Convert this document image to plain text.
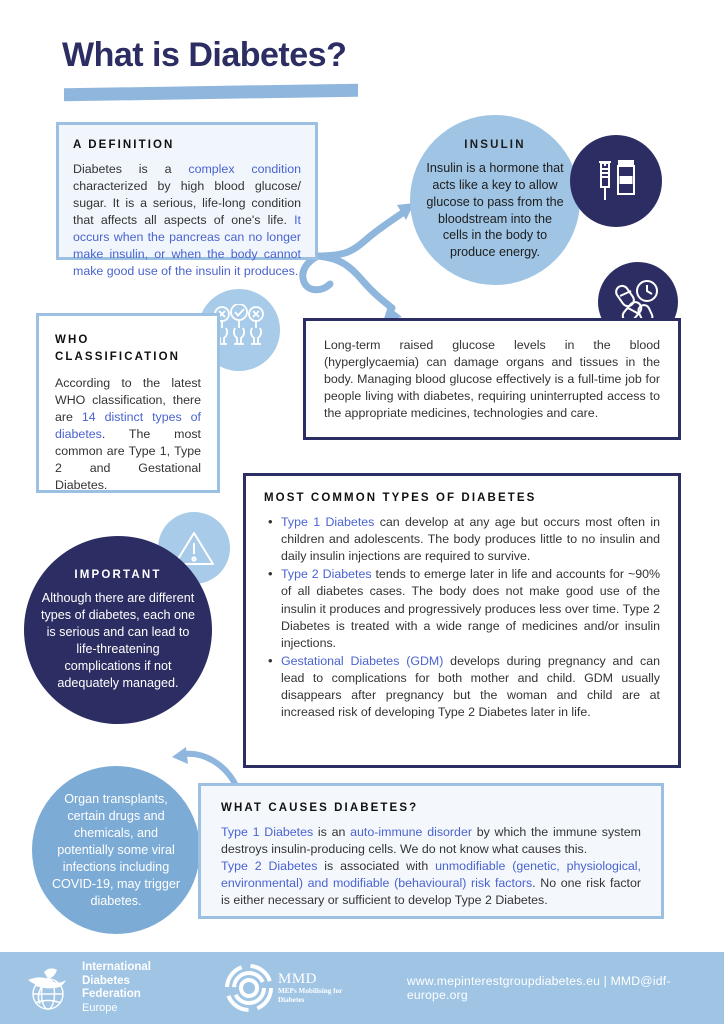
What is Diabetes?

A DEFINITION

Diabetes is a complex condition characterized by high blood glucose/ sugar. It is a serious, life-long condition that affects all aspects of one's life. It occurs when the pancreas can no longer make insulin, or when the body cannot make good use of the insulin it produces.

INSULIN

Insulin is a hormone that acts like a key to allow glucose to pass from the bloodstream into the cells in the body to produce energy.

WHO
CLASSIFICATION

According to the latest WHO classification, there are 14 distinct types of diabetes. The most common are Type 1, Type 2 and Gestational Diabetes.

Long-term raised glucose levels in the blood (hyperglycaemia) can damage organs and tissues in the body. Managing blood glucose effectively is a full-time job for people living with diabetes, requiring uninterrupted access to the appropriate medicines, technologies and care.

MOST COMMON TYPES OF DIABETES

• Type 1 Diabetes can develop at any age but occurs most often in children and adolescents. The body produces little to no insulin and daily insulin injections are required to survive.
• Type 2 Diabetes tends to emerge later in life and accounts for ~90% of all diabetes cases. The body does not make good use of the insulin it produces and progressively produces less over time. Type 2 Diabetes is treated with a wide range of medicines and/or insulin injections.
• Gestational Diabetes (GDM) develops during pregnancy and can lead to complications for both mother and child. GDM usually disappears after pregnancy but the woman and child are at increased risk of developing Type 2 Diabetes later in life.

IMPORTANT

Although there are different types of diabetes, each one is serious and can lead to life-threatening complications if not adequately managed.

Organ transplants, certain drugs and chemicals, and potentially some viral infections including COVID-19, may trigger diabetes.

WHAT CAUSES DIABETES?

Type 1 Diabetes is an auto-immune disorder by which the immune system destroys insulin-producing cells. We do not know what causes this.

Type 2 Diabetes is associated with unmodifiable (genetic, physiological, environmental) and modifiable (behavioural) risk factors. No one risk factor is either necessary or sufficient to develop Type 2 Diabetes.

International
Diabetes Federation
Europe
MMD
MEPs Mobilising for Diabetes
www.mepinterestgroupdiabetes.eu | MMD@idf-europe.org
